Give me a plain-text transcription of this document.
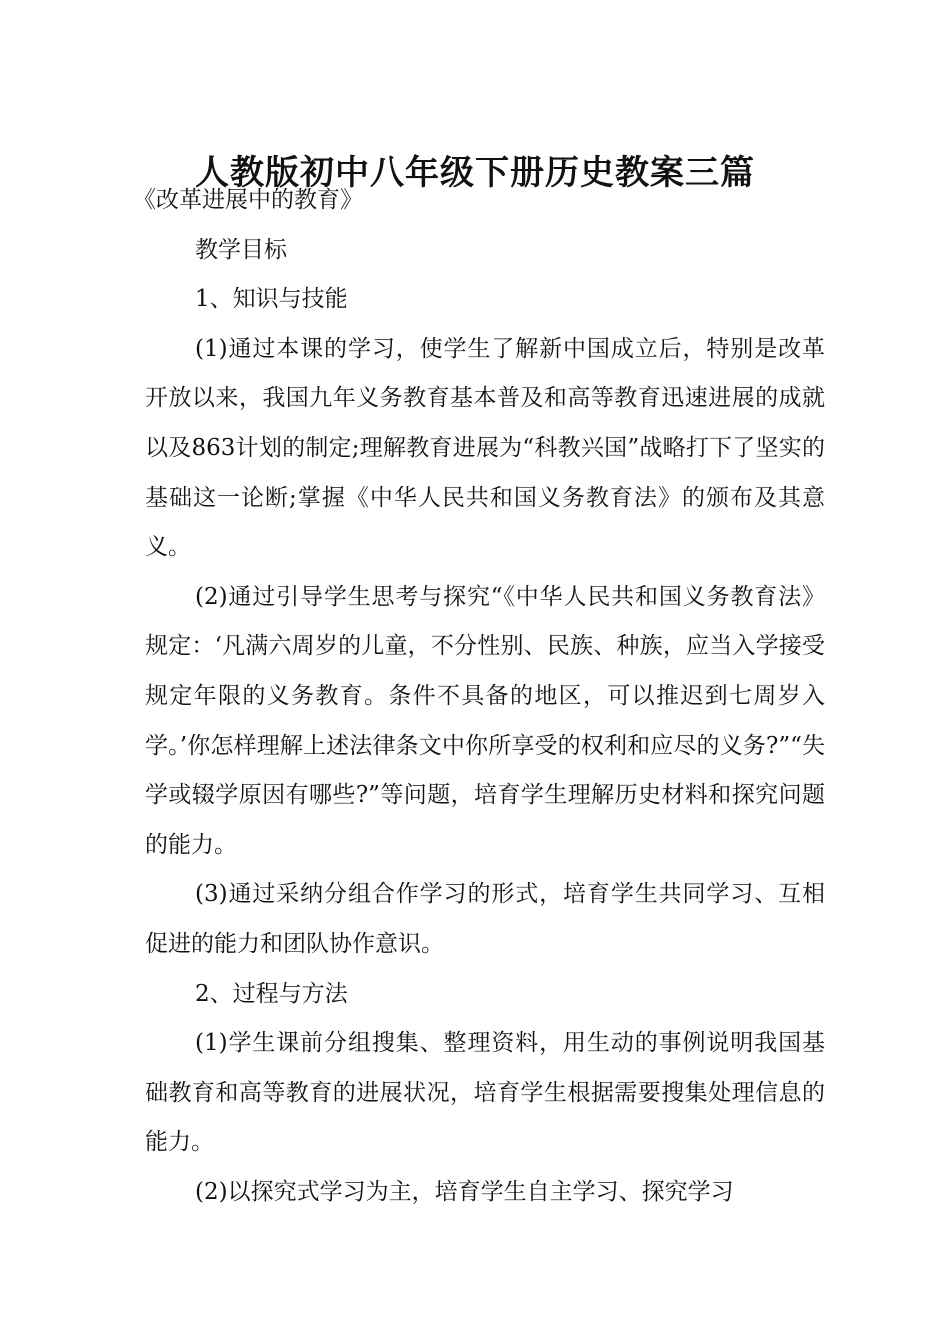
人教版初中八年级下册历史教案三篇

《改革进展中的教育》

教学目标

1、知识与技能

(1)通过本课的学习，使学生了解新中国成立后，特别是改革开放以来，我国九年义务教育基本普及和高等教育迅速进展的成就以及863计划的制定;理解教育进展为“科教兴国”战略打下了坚实的基础这一论断;掌握《中华人民共和国义务教育法》的颁布及其意义。

(2)通过引导学生思考与探究“《中华人民共和国义务教育法》规定：‘凡满六周岁的儿童，不分性别、民族、种族，应当入学接受规定年限的义务教育。条件不具备的地区，可以推迟到七周岁入学。’你怎样理解上述法律条文中你所享受的权利和应尽的义务?”“失学或辍学原因有哪些?”等问题，培育学生理解历史材料和探究问题的能力。

(3)通过采纳分组合作学习的形式，培育学生共同学习、互相促进的能力和团队协作意识。

2、过程与方法

(1)学生课前分组搜集、整理资料，用生动的事例说明我国基础教育和高等教育的进展状况，培育学生根据需要搜集处理信息的能力。

(2)以探究式学习为主，培育学生自主学习、探究学习
